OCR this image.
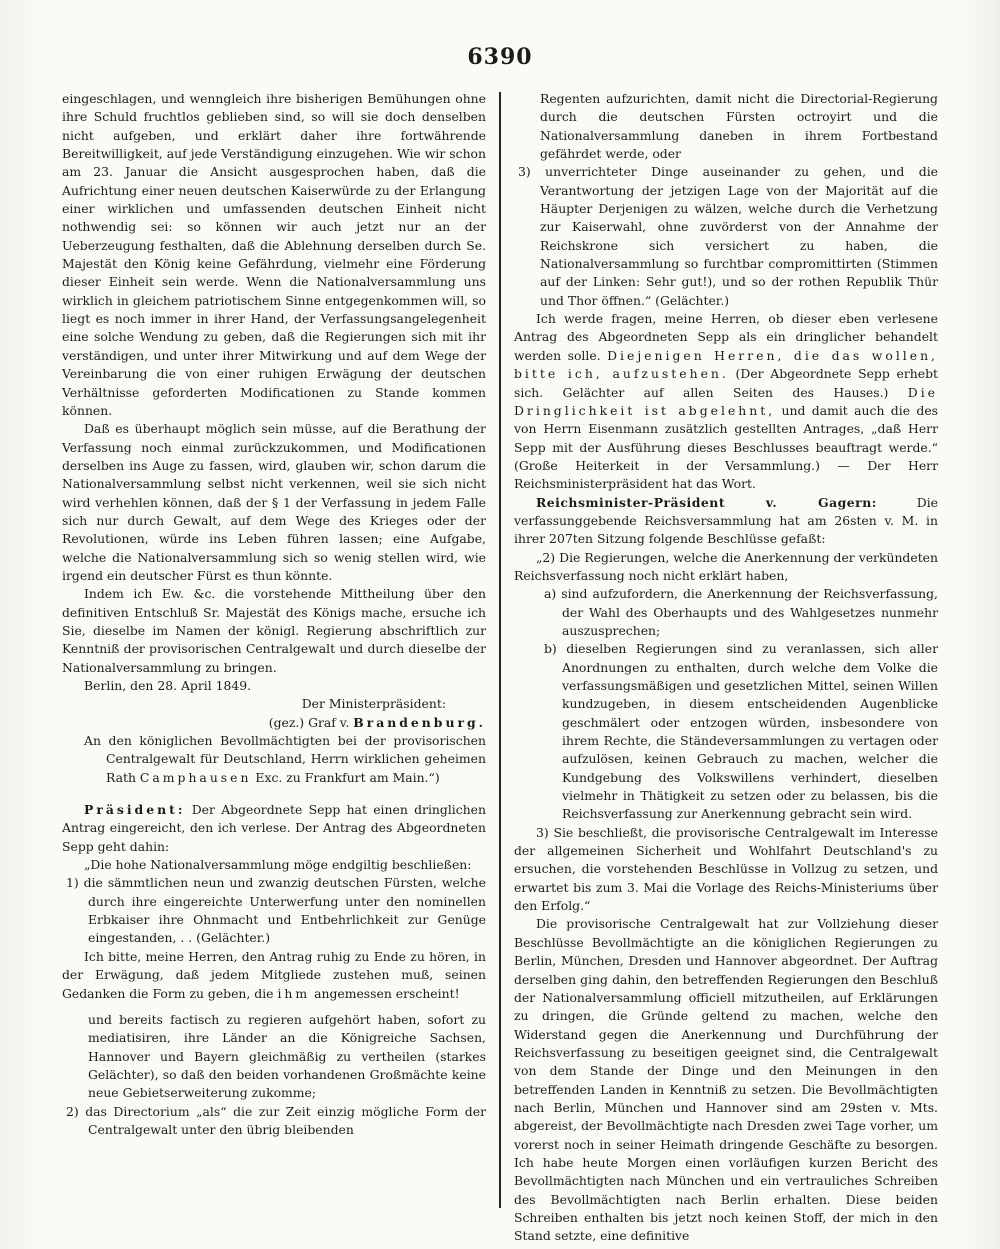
6390

eingeschlagen, und wenngleich ihre bisherigen Bemühungen ohne ihre Schuld fruchtlos geblieben sind, so will sie doch denselben nicht aufgeben, und erklärt daher ihre fortwährende Bereitwilligkeit, auf jede Verständigung einzugehen. Wie wir schon am 23. Januar die Ansicht ausgesprochen haben, daß die Aufrichtung einer neuen deutschen Kaiserwürde zu der Erlangung einer wirklichen und umfassenden deutschen Einheit nicht nothwendig sei: so können wir auch jetzt nur an der Ueberzeugung festhalten, daß die Ablehnung derselben durch Se. Majestät den König keine Gefährdung, vielmehr eine Förderung dieser Einheit sein werde. Wenn die Nationalversammlung uns wirklich in gleichem patriotischem Sinne entgegenkommen will, so liegt es noch immer in ihrer Hand, der Verfassungsangelegenheit eine solche Wendung zu geben, daß die Regierungen sich mit ihr verständigen, und unter ihrer Mitwirkung und auf dem Wege der Vereinbarung die von einer ruhigen Erwägung der deutschen Verhältnisse geforderten Modificationen zu Stande kommen können.

Daß es überhaupt möglich sein müsse, auf die Berathung der Verfassung noch einmal zurückzukommen, und Modificationen derselben ins Auge zu fassen, wird, glauben wir, schon darum die Nationalversammlung selbst nicht verkennen, weil sie sich nicht wird verhehlen können, daß der § 1 der Verfassung in jedem Falle sich nur durch Gewalt, auf dem Wege des Krieges oder der Revolutionen, würde ins Leben führen lassen; eine Aufgabe, welche die Nationalversammlung sich so wenig stellen wird, wie irgend ein deutscher Fürst es thun könnte.

Indem ich Ew. &c. die vorstehende Mittheilung über den definitiven Entschluß Sr. Majestät des Königs mache, ersuche ich Sie, dieselbe im Namen der königl. Regierung abschriftlich zur Kenntniß der provisorischen Centralgewalt und durch dieselbe der Nationalversammlung zu bringen.

Berlin, den 28. April 1849.

Der Ministerpräsident:

(gez.) Graf v. Brandenburg.

An den königlichen Bevollmächtigten bei der provisorischen Centralgewalt für Deutschland, Herrn wirklichen geheimen Rath Camphausen Exc. zu Frankfurt am Main.“)

Präsident: Der Abgeordnete Sepp hat einen dringlichen Antrag eingereicht, den ich verlese. Der Antrag des Abgeordneten Sepp geht dahin:

„Die hohe Nationalversammlung möge endgiltig beschließen:

1) die sämmtlichen neun und zwanzig deutschen Fürsten, welche durch ihre eingereichte Unterwerfung unter den nominellen Erbkaiser ihre Ohnmacht und Entbehrlichkeit zur Genüge eingestanden, . . (Gelächter.)

Ich bitte, meine Herren, den Antrag ruhig zu Ende zu hören, in der Erwägung, daß jedem Mitgliede zustehen muß, seinen Gedanken die Form zu geben, die ihm angemessen erscheint!

und bereits factisch zu regieren aufgehört haben, sofort zu mediatisiren, ihre Länder an die Königreiche Sachsen, Hannover und Bayern gleichmäßig zu vertheilen (starkes Gelächter), so daß den beiden vorhandenen Großmächte keine neue Gebietserweiterung zukomme;

2) das Directorium „als“ die zur Zeit einzig mögliche Form der Centralgewalt unter den übrig bleibenden

Regenten aufzurichten, damit nicht die Directorial-Regierung durch die deutschen Fürsten octroyirt und die Nationalversammlung daneben in ihrem Fortbestand gefährdet werde, oder

3) unverrichteter Dinge auseinander zu gehen, und die Verantwortung der jetzigen Lage von der Majorität auf die Häupter Derjenigen zu wälzen, welche durch die Verhetzung zur Kaiserwahl, ohne zuvörderst von der Annahme der Reichskrone sich versichert zu haben, die Nationalversammlung so furchtbar compromittirten (Stimmen auf der Linken: Sehr gut!), und so der rothen Republik Thür und Thor öffnen.“ (Gelächter.)

Ich werde fragen, meine Herren, ob dieser eben verlesene Antrag des Abgeordneten Sepp als ein dringlicher behandelt werden solle. Diejenigen Herren, die das wollen, bitte ich, aufzustehen. (Der Abgeordnete Sepp erhebt sich. Gelächter auf allen Seiten des Hauses.) Die Dringlichkeit ist abgelehnt, und damit auch die des von Herrn Eisenmann zusätzlich gestellten Antrages, „daß Herr Sepp mit der Ausführung dieses Beschlusses beauftragt werde.“ (Große Heiterkeit in der Versammlung.) — Der Herr Reichsministerpräsident hat das Wort.

Reichsminister-Präsident v. Gagern: Die verfassunggebende Reichsversammlung hat am 26sten v. M. in ihrer 207ten Sitzung folgende Beschlüsse gefaßt:

„2) Die Regierungen, welche die Anerkennung der verkündeten Reichsverfassung noch nicht erklärt haben,

a) sind aufzufordern, die Anerkennung der Reichsverfassung, der Wahl des Oberhaupts und des Wahlgesetzes nunmehr auszusprechen;

b) dieselben Regierungen sind zu veranlassen, sich aller Anordnungen zu enthalten, durch welche dem Volke die verfassungsmäßigen und gesetzlichen Mittel, seinen Willen kundzugeben, in diesem entscheidenden Augenblicke geschmälert oder entzogen würden, insbesondere von ihrem Rechte, die Ständeversammlungen zu vertagen oder aufzulösen, keinen Gebrauch zu machen, welcher die Kundgebung des Volkswillens verhindert, dieselben vielmehr in Thätigkeit zu setzen oder zu belassen, bis die Reichsverfassung zur Anerkennung gebracht sein wird.

3) Sie beschließt, die provisorische Centralgewalt im Interesse der allgemeinen Sicherheit und Wohlfahrt Deutschland's zu ersuchen, die vorstehenden Beschlüsse in Vollzug zu setzen, und erwartet bis zum 3. Mai die Vorlage des Reichs-Ministeriums über den Erfolg.“

Die provisorische Centralgewalt hat zur Vollziehung dieser Beschlüsse Bevollmächtigte an die königlichen Regierungen zu Berlin, München, Dresden und Hannover abgeordnet. Der Auftrag derselben ging dahin, den betreffenden Regierungen den Beschluß der Nationalversammlung officiell mitzutheilen, auf Erklärungen zu dringen, die Gründe geltend zu machen, welche den Widerstand gegen die Anerkennung und Durchführung der Reichsverfassung zu beseitigen geeignet sind, die Centralgewalt von dem Stande der Dinge und den Meinungen in den betreffenden Landen in Kenntniß zu setzen. Die Bevollmächtigten nach Berlin, München und Hannover sind am 29sten v. Mts. abgereist, der Bevollmächtigte nach Dresden zwei Tage vorher, um vorerst noch in seiner Heimath dringende Geschäfte zu besorgen. Ich habe heute Morgen einen vorläufigen kurzen Bericht des Bevollmächtigten nach München und ein vertrauliches Schreiben des Bevollmächtigten nach Berlin erhalten. Diese beiden Schreiben enthalten bis jetzt noch keinen Stoff, der mich in den Stand setzte, eine definitive
